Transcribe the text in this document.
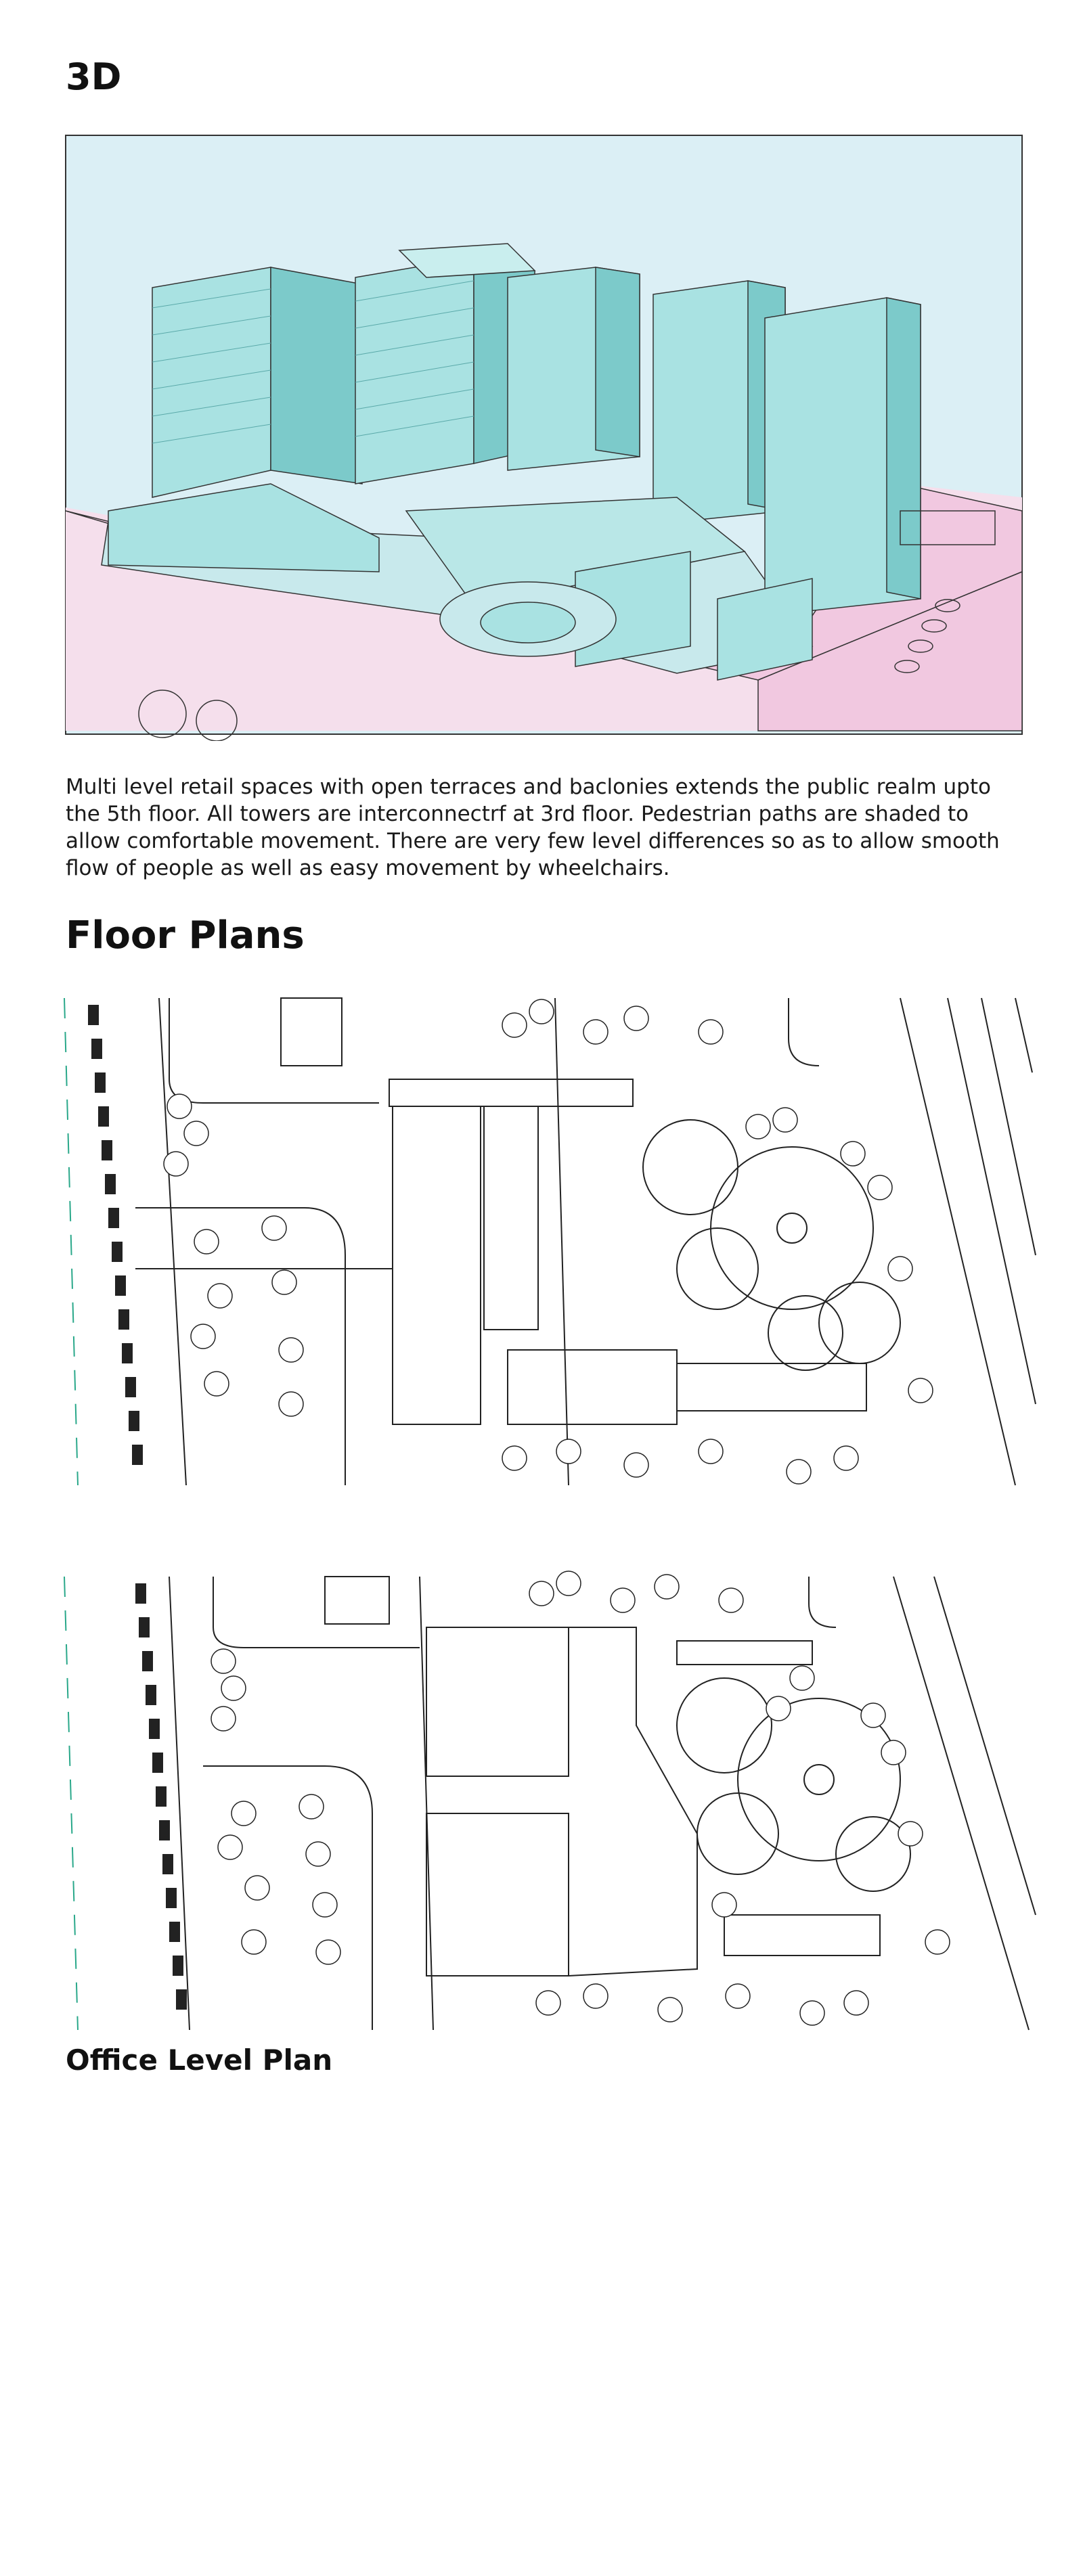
3D

Multi level retail spaces with open terraces and baclonies extends the public realm upto the 5th floor. All towers are interconnectrf at 3rd floor. Pedestrian paths are shaded to allow comfortable movement. There are very few level differences so as to allow smooth flow of people as well as easy movement by wheelchairs.

Floor Plans
Office Level Plan
